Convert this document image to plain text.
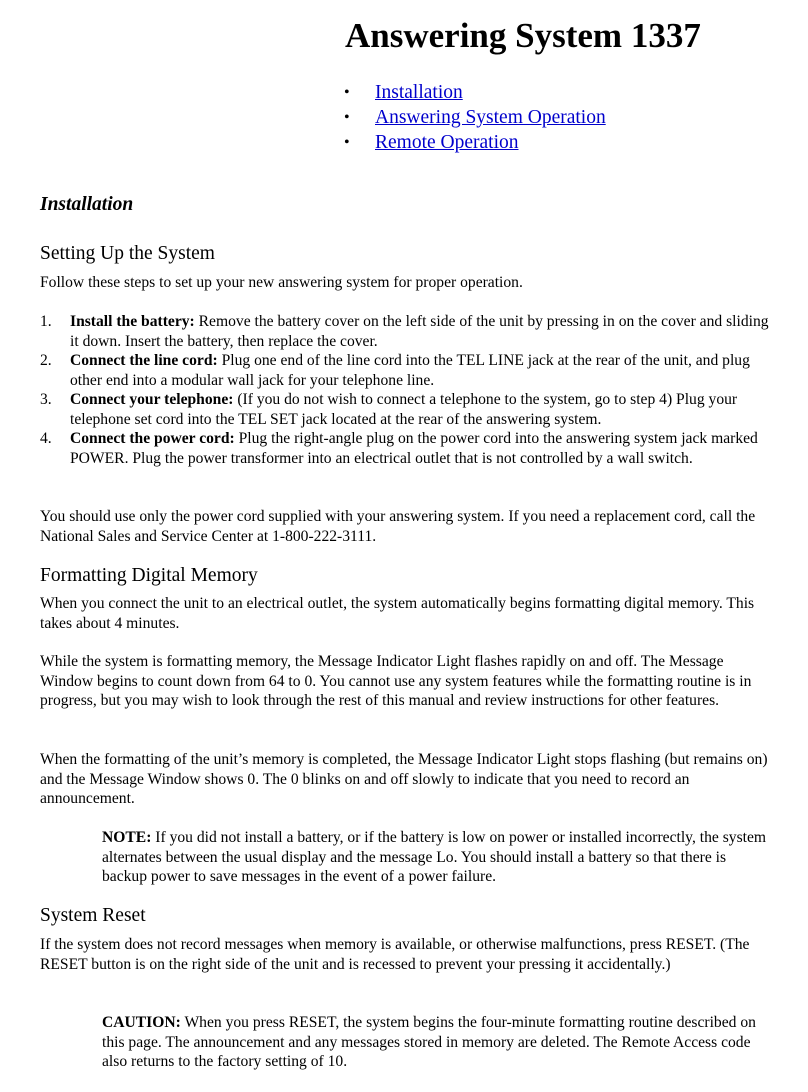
Answering System 1337
• Installation
• Answering System Operation
• Remote Operation
Installation
Setting Up the System

Follow these steps to set up your new answering system for proper operation.

1. Install the battery: Remove the battery cover on the left side of the unit by pressing in on the cover and sliding it down. Insert the battery, then replace the cover.
2. Connect the line cord: Plug one end of the line cord into the TEL LINE jack at the rear of the unit, and plug other end into a modular wall jack for your telephone line.
3. Connect your telephone: (If you do not wish to connect a telephone to the system, go to step 4) Plug your telephone set cord into the TEL SET jack located at the rear of the answering system.
4. Connect the power cord: Plug the right-angle plug on the power cord into the answering system jack marked POWER. Plug the power transformer into an electrical outlet that is not controlled by a wall switch.

You should use only the power cord supplied with your answering system. If you need a replacement cord, call the National Sales and Service Center at 1-800-222-3111.

Formatting Digital Memory

When you connect the unit to an electrical outlet, the system automatically begins formatting digital memory. This takes about 4 minutes.

While the system is formatting memory, the Message Indicator Light flashes rapidly on and off. The Message Window begins to count down from 64 to 0. You cannot use any system features while the formatting routine is in progress, but you may wish to look through the rest of this manual and review instructions for other features.

When the formatting of the unit’s memory is completed, the Message Indicator Light stops flashing (but remains on) and the Message Window shows 0. The 0 blinks on and off slowly to indicate that you need to record an announcement.

NOTE: If you did not install a battery, or if the battery is low on power or installed incorrectly, the system alternates between the usual display and the message Lo. You should install a battery so that there is backup power to save messages in the event of a power failure.

System Reset

If the system does not record messages when memory is available, or otherwise malfunctions, press RESET. (The RESET button is on the right side of the unit and is recessed to prevent your pressing it accidentally.)

CAUTION: When you press RESET, the system begins the four-minute formatting routine described on this page. The announcement and any messages stored in memory are deleted. The Remote Access code also returns to the factory setting of 10.
